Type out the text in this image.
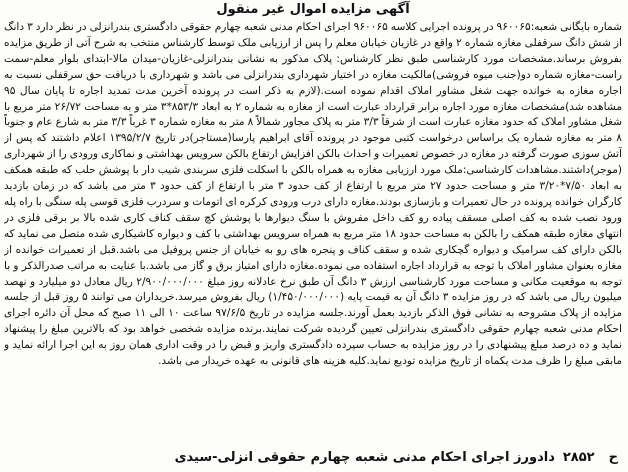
آگهی مزایده اموال غیر منقول
شماره بایگانی شعبه:۹۶۰۰۶۵ در پرونده اجرایی کلاسه ۹۶۰۰۶۵ اجرای احکام مدنی شعبه چهارم حقوقی دادگستری بندرانزلی در نظر دارد ۳ دانگ از شش دانگ سرقفلی مغازه شماره ۲ واقع در غازیان خیابان معلم را پس از ارزیابی ملک توسط کارشناس منتخب به شرح آتی از طریق مزایده بفروش برساند.مشخصات مورد کارشناسی طبق نظر کارشناس: پلاک مذکور به نشانی بندرانزلی-غازیان-میدان مالا-ابتدای بلوار معلم-سمت راست-مغازه شماره دو(جنب میوه فروشی)مالکیت مغازه در اختیار شهرداری بندرانزلی می باشد و شهرداری با دریافت حق سرقفلی نسبت به اجاره مغازه به خوانده جهت شغل مشاور املاک اقدام نموده است.(لازم به ذکر است در پرونده آخرین مدت تمدید اجاره تا پایان سال ۹۵ مشاهده شد)مشخصات مغازه مورد اجاره برابر قرارداد عبارت است از مغازه به شماره ۲ به ابعاد ۸۵۳/۳*۳ متر و به مساحت ۲۶/۷۲ متر مربع با شغل مشاور املاک که حدود مغازه عبارت است از شرقاً ۳/۳ متر به پلاک مجاور شمالاً ۸ متر به مغازه شماره ۳ غرباً ۳/۳ متر به شارع عام و جنوباً ۸ متر به مغازه شماره یک براساس درخواست کتبی موجود در پرونده آقای ابراهیم پارسا(مستاجر)در تاریخ ۱۳۹۵/۲/۷ اعلام داشتند که پس از آتش سوزی صورت گرفته در مغازه در خصوص تعمیرات و احداث بالکن افزایش ارتفاع بالکن سرویس بهداشتی و نماکاری ورودی را از شهرداری (موجر)داشتند.مشاهدات کارشناسی:ملک مورد ارزیابی مغازه به همراه بالکن با اسکلت فلزی سربندی شیب دار با پوشش حلب که طبقه همکف به ابعاد ۷/۵۰*۳/۲۰ متر و مساحت حدود ۲۷ متر مربع با ارتفاع از کف حدود ۳ متر با ارتفاع از کف حدود ۳ متر می باشد که در زمان بازدید کارگران خوانده پرونده در حال تعمیرات و بازسازی بودند.مغازه دارای درب ورودی کرکره ای اتومات و سردرب فلزی قوسی پله سنگی با راه پله ورود نصب شده به کف اصلی مسقف پیاده رو کف داخل مفروش با سنگ دیوارها با پوشش کچ سقف کناف کاری شده بالا بر برقی فلزی در انتهای مغازه طبقه همکف را بالکن به مساحت حدود ۱۸ متر مربع به همراه سرویس بهداشتی با کف و دیواره کاشیکاری شده متصل می نماید که بالکن دارای کف سرامیک و دیواره گچکاری شده و سقف کناف و پنجره های رو به خیابان از جنس پروفیل می باشد.قبل از تعمیرات خوانده از مغازه بعنوان مشاور املاک با توجه به قرارداد اجاره استفاده می نموده.مغازه دارای امتیاز برق و گاز می باشد.با عنایت به مراتب صدرالذکر و با توجه به موقعیت مکانی و مساحت مورد کارشناسی ارزش ۳ دانگ آن طبق نرخ عادلانه روز مبلغ ۲/۹۰۰/۰۰۰/۰۰۰ ریال معادل دو میلیارد و نهصد میلیون ریال می باشد که در روز مزایده ۳ دانگ آن به قیمت پایه (۱/۴۵۰/۰۰۰/۰۰۰) ریال بفروش میرسد.خریداران می توانند ۵ روز قبل از جلسه مزایده از پلاک مشروحه به نشانی فوق الذکر بازدید بعمل آورند.جلسه مزایده در تاریخ ۹۷/۶/۵ ساعت ۱۰ الی ۱۱ صبح که محل آن دائره اجرای احکام مدنی شعبه چهارم حقوقی دادگستری بندرانزلی تعیین گردیده شرکت نمایند.برنده مزایده شخصی خواهد بود که بالاترین مبلغ را پیشنهاد نماید و ده درصد مبلغ پیشنهادی را در روز مزایده به حساب سپرده دادگستری واریز و قبض را در وقت اداری همان روز به این اجرا ارائه نماید و مابقی مبلغ را ظرف مدت یکماه از تاریخ مزایده تودیع نماید.کلیه هزینه های قانونی به عهده خریدار می باشد.
ح
۲۸۵۲
دادورز اجرای احکام مدنی شعبه چهارم حقوقی انزلی-سیدی
